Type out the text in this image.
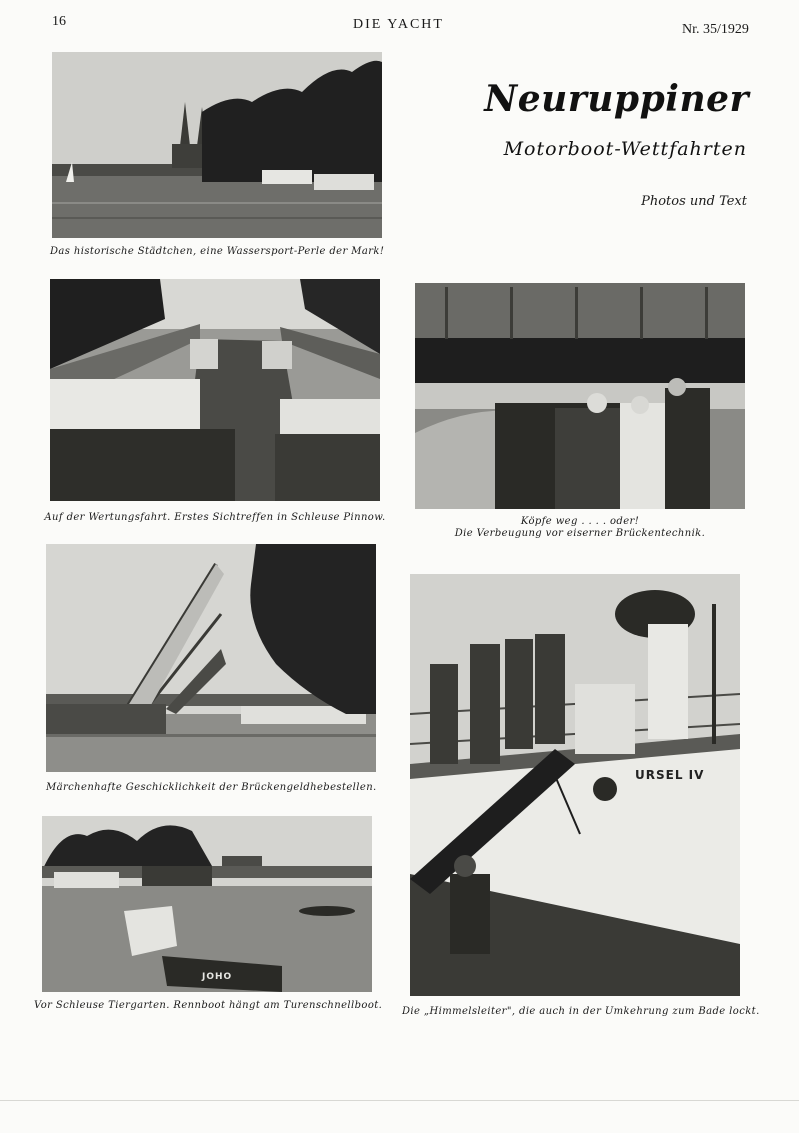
16	DIE YACHT	Nr. 35/1929
Neuruppiner
Motorboot-Wettfahrten
Photos und Text
Das historische Städtchen, eine Wassersport-Perle der Mark!
Auf der Wertungsfahrt. Erstes Sichtreffen in Schleuse Pinnow.	Köpfe weg . . . . oder!
Die Verbeugung vor eiserner Brückentechnik.
Märchenhafte Geschicklichkeit der Brückengeldhebestellen.
URSEL IV
Die „Himmelsleiter", die auch in der Umkehrung zum Bade lockt.
JOHO
Vor Schleuse Tiergarten. Rennboot hängt am Turenschnellboot.
